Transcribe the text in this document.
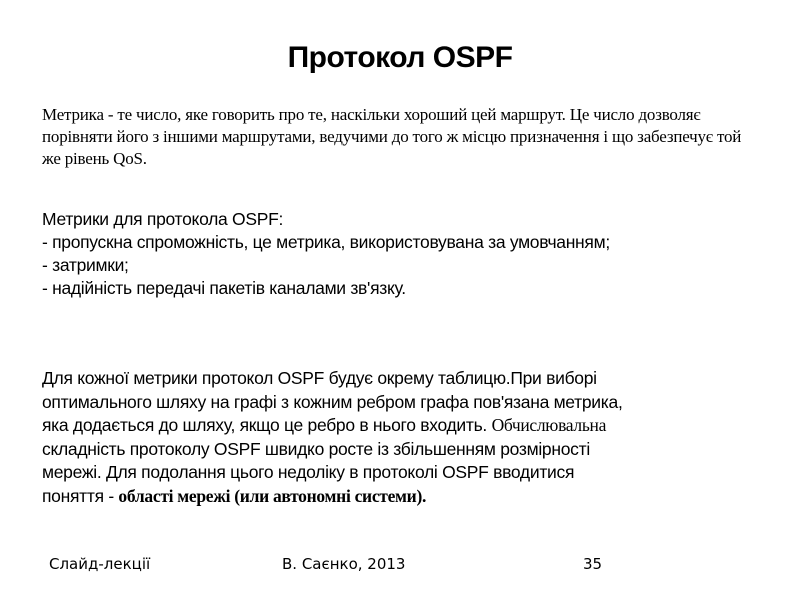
Протокол OSPF
Метрика - те число, яке говорить про те, наскільки хороший цей маршрут. Це число дозволяє порівняти його з іншими маршрутами, ведучими до того ж місцю призначення і що забезпечує той же рівень QoS.
Метрики для протокола OSPF:
- пропускна спроможність, це метрика, використовувана за умовчанням;
- затримки;
- надійність передачі пакетів каналами зв'язку.
Для кожної метрики протокол OSPF будує окрему таблицю.При виборі
оптимального шляху на графі з кожним ребром графа пов'язана метрика,
яка додається до шляху, якщо це ребро в нього входить. Обчислювальна
складність протоколу OSPF швидко росте із збільшенням розмірності
мережі. Для подолання цього недоліку в протоколі OSPF вводитися
поняття - області мережі (или автономні системи).
Слайд-лекції	В. Саєнко, 2013	35
